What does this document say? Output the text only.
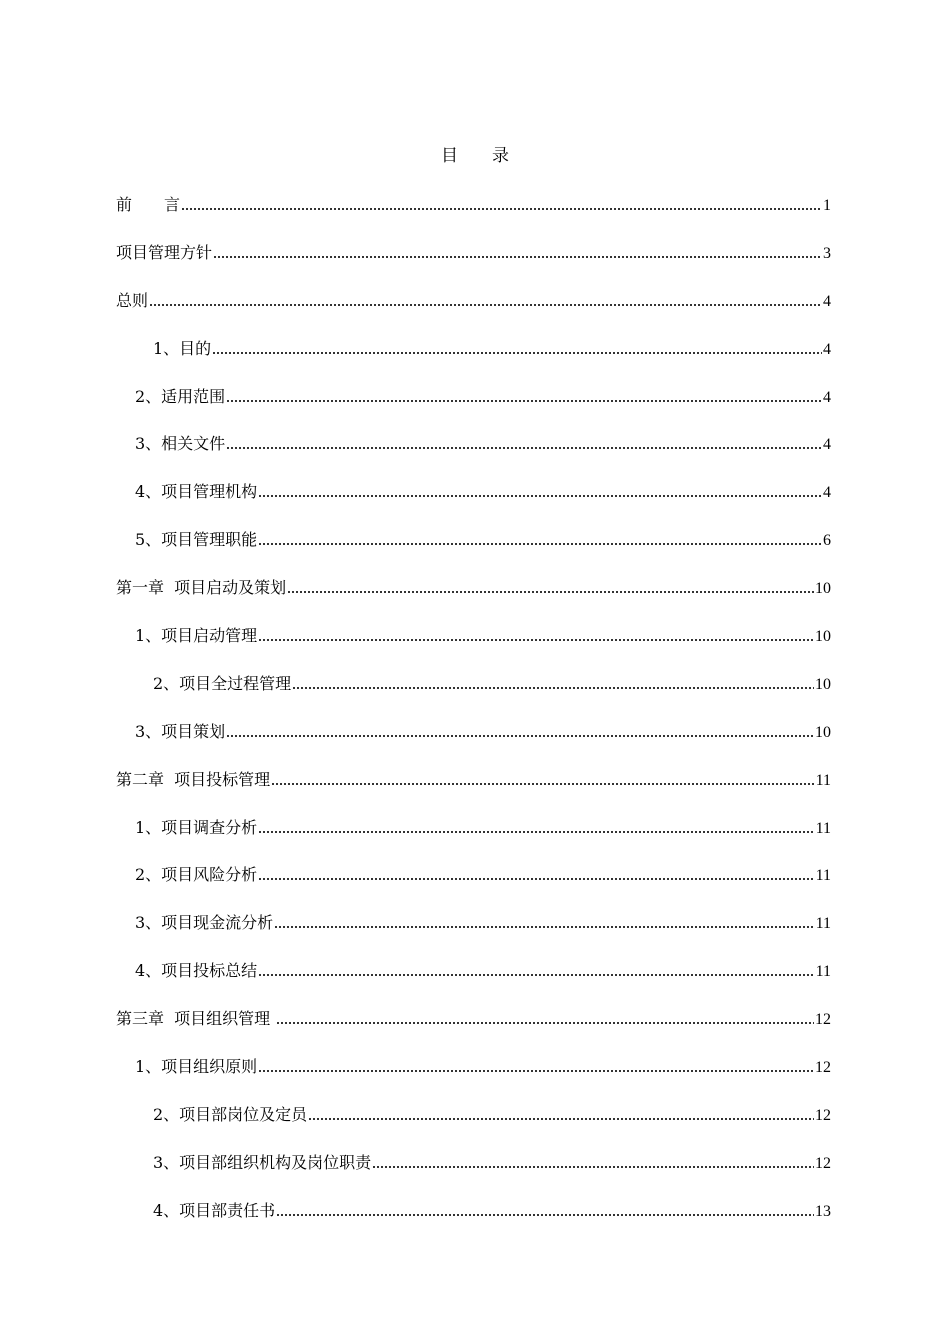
目　　录
前　　言	1
项目管理方针	3
总则	4
1、目的	4
2、适用范围	4
3、相关文件	4
4、项目管理机构	4
5、项目管理职能	6
第一章  项目启动及策划	10
1、项目启动管理	10
2、项目全过程管理	10
3、项目策划	10
第二章  项目投标管理	11
1、项目调查分析	11
2、项目风险分析	11
3、项目现金流分析	11
4、项目投标总结	11
第三章  项目组织管理	12
1、项目组织原则	12
2、项目部岗位及定员	12
3、项目部组织机构及岗位职责	12
4、项目部责任书	13
